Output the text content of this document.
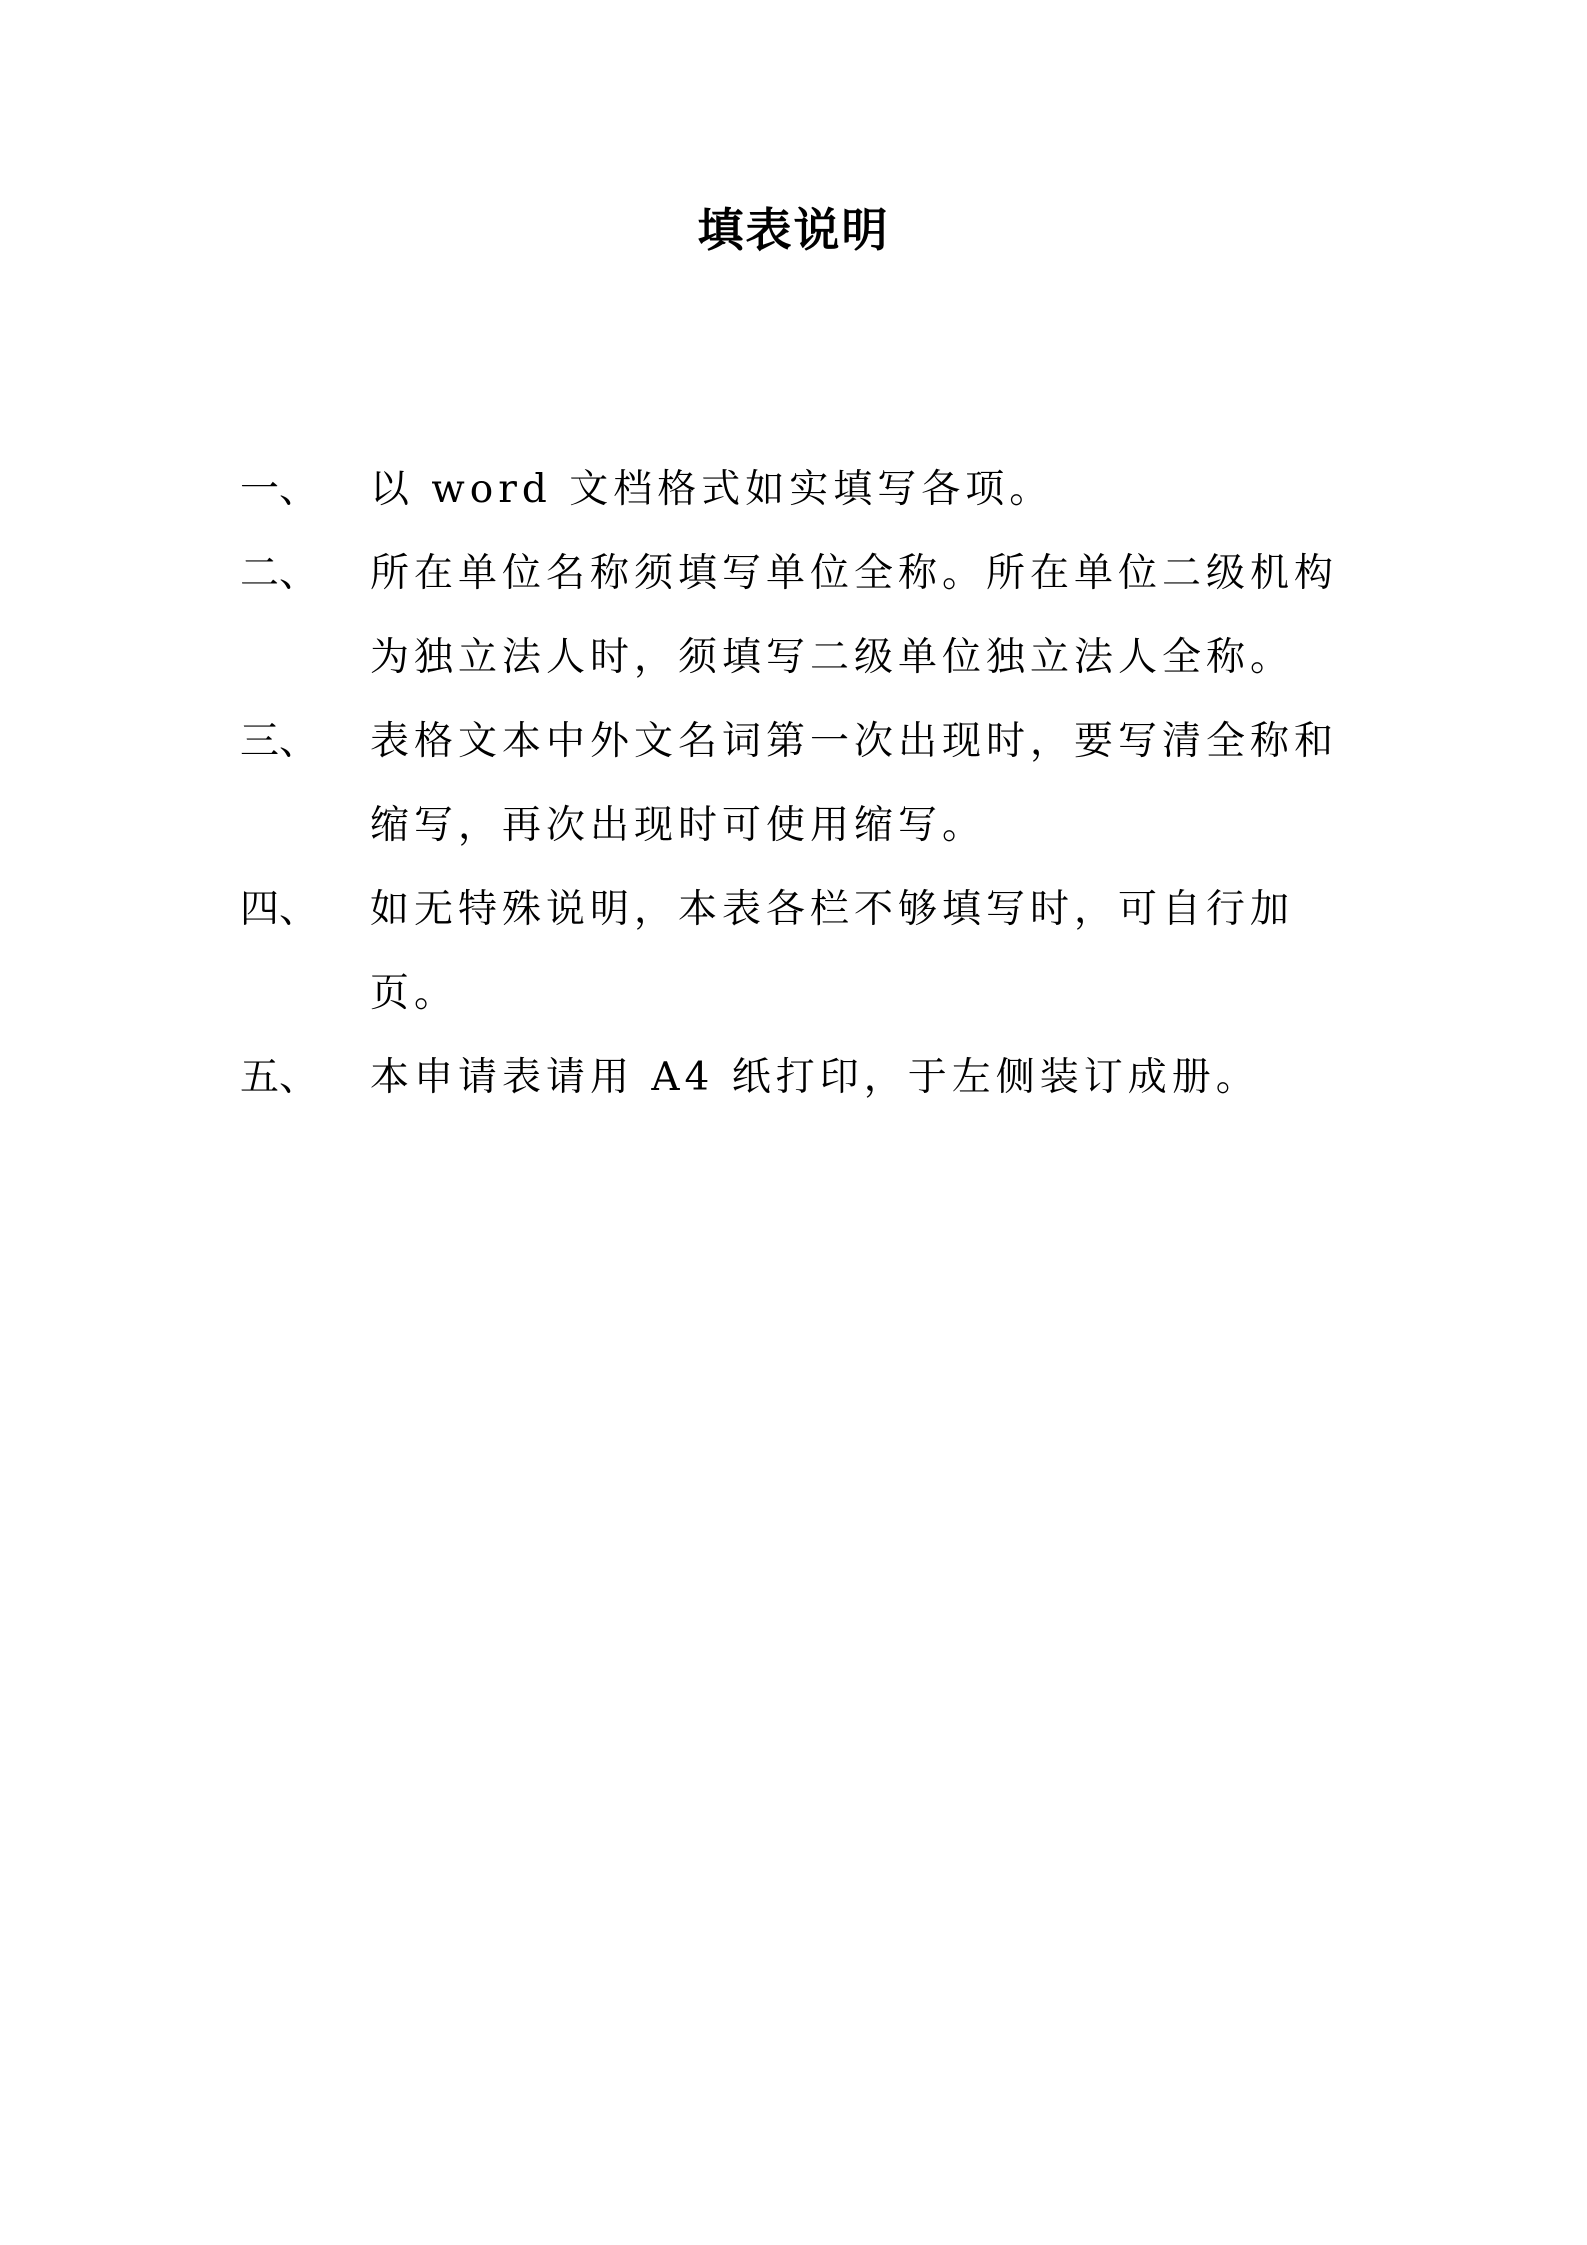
填表说明
一、	以 word 文档格式如实填写各项。
二、	所在单位名称须填写单位全称。所在单位二级机构为独立法人时，须填写二级单位独立法人全称。
三、	表格文本中外文名词第一次出现时，要写清全称和缩写，再次出现时可使用缩写。
四、	如无特殊说明，本表各栏不够填写时，可自行加页。
五、	本申请表请用 A4 纸打印，于左侧装订成册。
